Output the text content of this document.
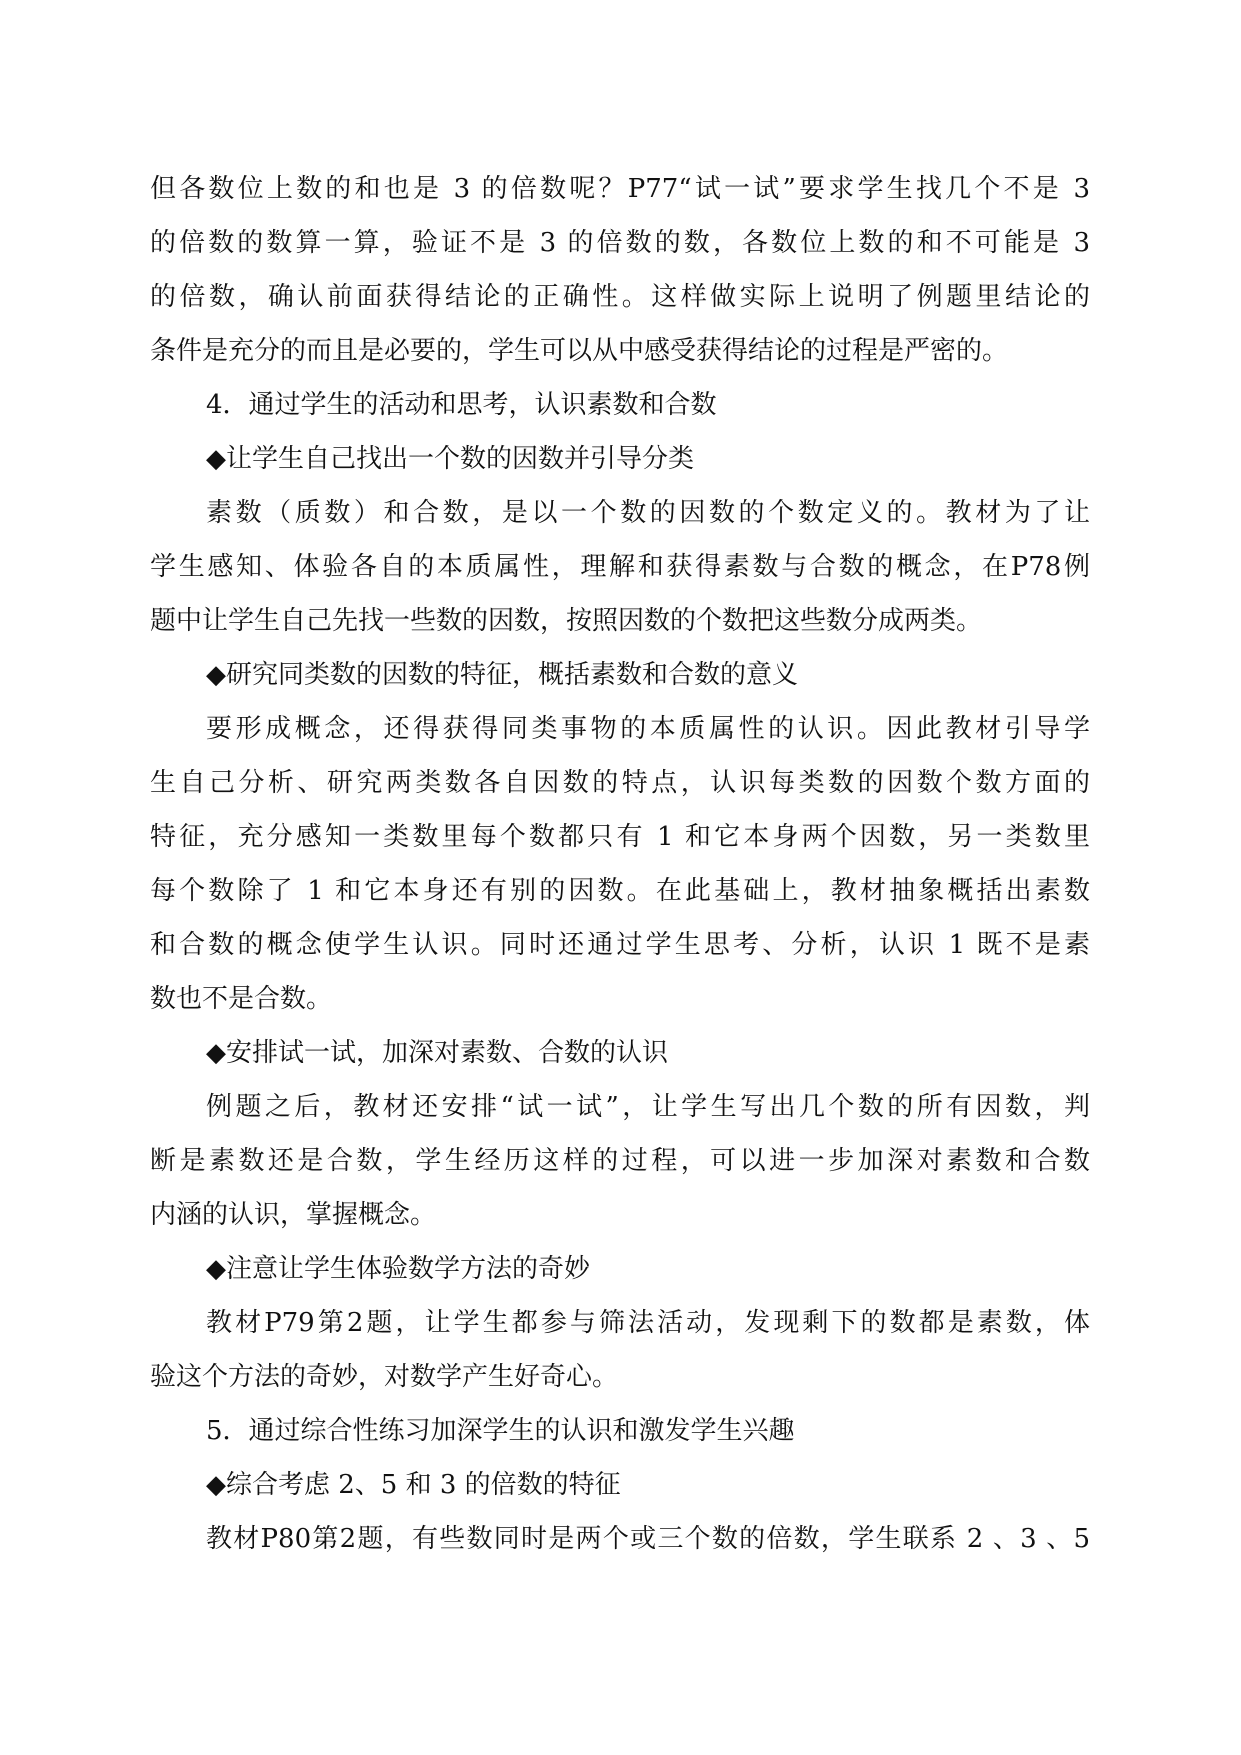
但各数位上数的和也是 3 的倍数呢？P77“试一试”要求学生找几个不是 3
的倍数的数算一算，验证不是 3 的倍数的数，各数位上数的和不可能是 3
的倍数，确认前面获得结论的正确性。这样做实际上说明了例题里结论的
条件是充分的而且是必要的，学生可以从中感受获得结论的过程是严密的。
4．通过学生的活动和思考，认识素数和合数
◆让学生自己找出一个数的因数并引导分类
素数（质数）和合数，是以一个数的因数的个数定义的。教材为了让
学生感知、体验各自的本质属性，理解和获得素数与合数的概念，在P78例
题中让学生自己先找一些数的因数，按照因数的个数把这些数分成两类。
◆研究同类数的因数的特征，概括素数和合数的意义
要形成概念，还得获得同类事物的本质属性的认识。因此教材引导学
生自己分析、研究两类数各自因数的特点，认识每类数的因数个数方面的
特征，充分感知一类数里每个数都只有 1 和它本身两个因数，另一类数里
每个数除了 1 和它本身还有别的因数。在此基础上，教材抽象概括出素数
和合数的概念使学生认识。同时还通过学生思考、分析，认识 1 既不是素
数也不是合数。
◆安排试一试，加深对素数、合数的认识
例题之后，教材还安排“试一试”，让学生写出几个数的所有因数，判
断是素数还是合数，学生经历这样的过程，可以进一步加深对素数和合数
内涵的认识，掌握概念。
◆注意让学生体验数学方法的奇妙
教材P79第2题，让学生都参与筛法活动，发现剩下的数都是素数，体
验这个方法的奇妙，对数学产生好奇心。
5．通过综合性练习加深学生的认识和激发学生兴趣
◆综合考虑 2、5 和 3 的倍数的特征
教材P80第2题，有些数同时是两个或三个数的倍数，学生联系 2 、3 、5
